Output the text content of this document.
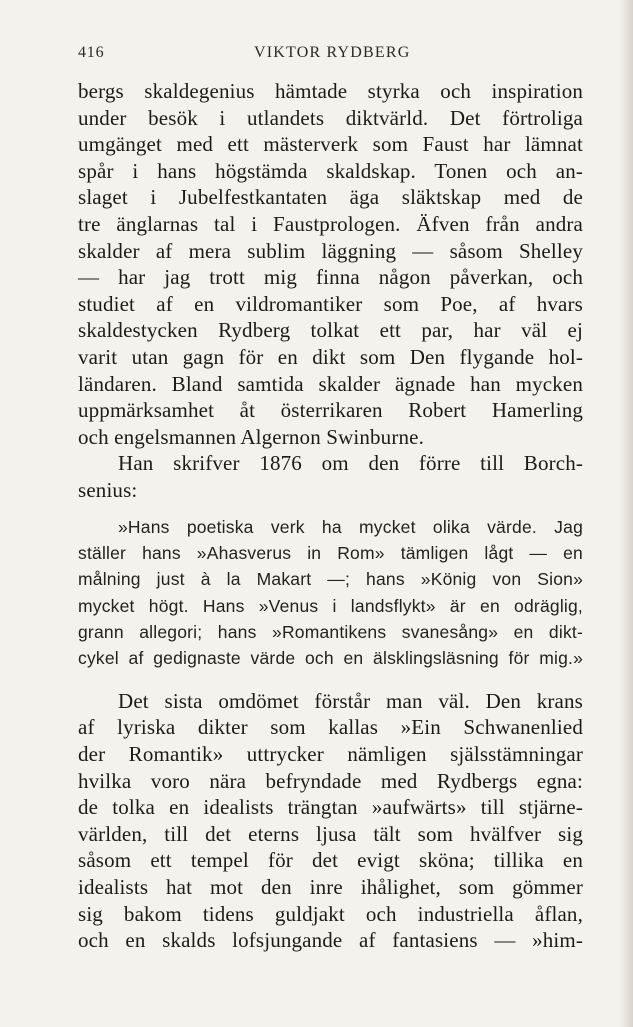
416	VIKTOR RYDBERG
bergs skaldegenius hämtade styrka och inspiration
under besök i utlandets diktvärld. Det förtroliga
umgänget med ett mästerverk som Faust har lämnat
spår i hans högstämda skaldskap. Tonen och an-
slaget i Jubelfestkantaten äga släktskap med de
tre änglarnas tal i Faustprologen. Äfven från andra
skalder af mera sublim läggning — såsom Shelley
— har jag trott mig finna någon påverkan, och
studiet af en vildromantiker som Poe, af hvars
skaldestycken Rydberg tolkat ett par, har väl ej
varit utan gagn för en dikt som Den flygande hol-
ländaren. Bland samtida skalder ägnade han mycken
uppmärksamhet åt österrikaren Robert Hamerling
och engelsmannen Algernon Swinburne.
Han skrifver 1876 om den förre till Borch-
senius:
»Hans poetiska verk ha mycket olika värde. Jag
ställer hans »Ahasverus in Rom» tämligen lågt — en
målning just à la Makart —; hans »König von Sion»
mycket högt. Hans »Venus i landsflykt» är en odräglig,
grann allegori; hans »Romantikens svanesång» en dikt-
cykel af gedignaste värde och en älsklingsläsning för mig.»
Det sista omdömet förstår man väl. Den krans
af lyriska dikter som kallas »Ein Schwanenlied
der Romantik» uttrycker nämligen själsstämningar
hvilka voro nära befryndade med Rydbergs egna:
de tolka en idealists trängtan »aufwärts» till stjärne-
världen, till det eterns ljusa tält som hvälfver sig
såsom ett tempel för det evigt sköna; tillika en
idealists hat mot den inre ihålighet, som gömmer
sig bakom tidens guldjakt och industriella åflan,
och en skalds lofsjungande af fantasiens — »him-
